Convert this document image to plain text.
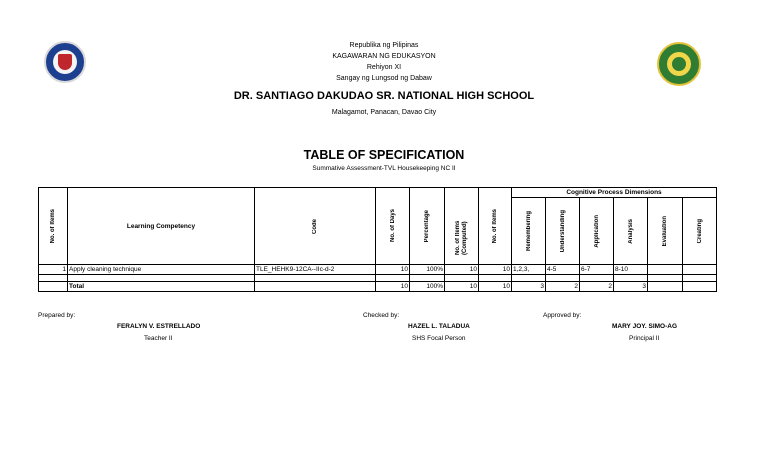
Republika ng Pilipinas
KAGAWARAN NG EDUKASYON
Rehiyon XI
Sangay ng Lungsod ng Dabaw
DR. SANTIAGO DAKUDAO SR. NATIONAL HIGH SCHOOL
Malagamot, Panacan, Davao City
TABLE OF SPECIFICATION
Summative Assessment-TVL Housekeeping NC II
No. of Items	Learning Competency	Code	No. of Days	Percentage	No. of Items (Computed)	No. of Items	Cognitive Process Dimensions					

							Remembering	Understanding	Application	Analysis	Evaluation	Creating

1	Apply cleaning technique	TLE_HEHK9-12CA--IIc-d-2	10	100%	10	10	1,2,3,	4-5	6-7	8-10		

	Total		10	100%	10	10	3	2	2	3		
Prepared by:
FERALYN V. ESTRELLADO
Teacher II
Checked by:
HAZEL L. TALADUA
SHS Focal Person
Approved by:
MARY JOY. SIMO-AG
Principal II
